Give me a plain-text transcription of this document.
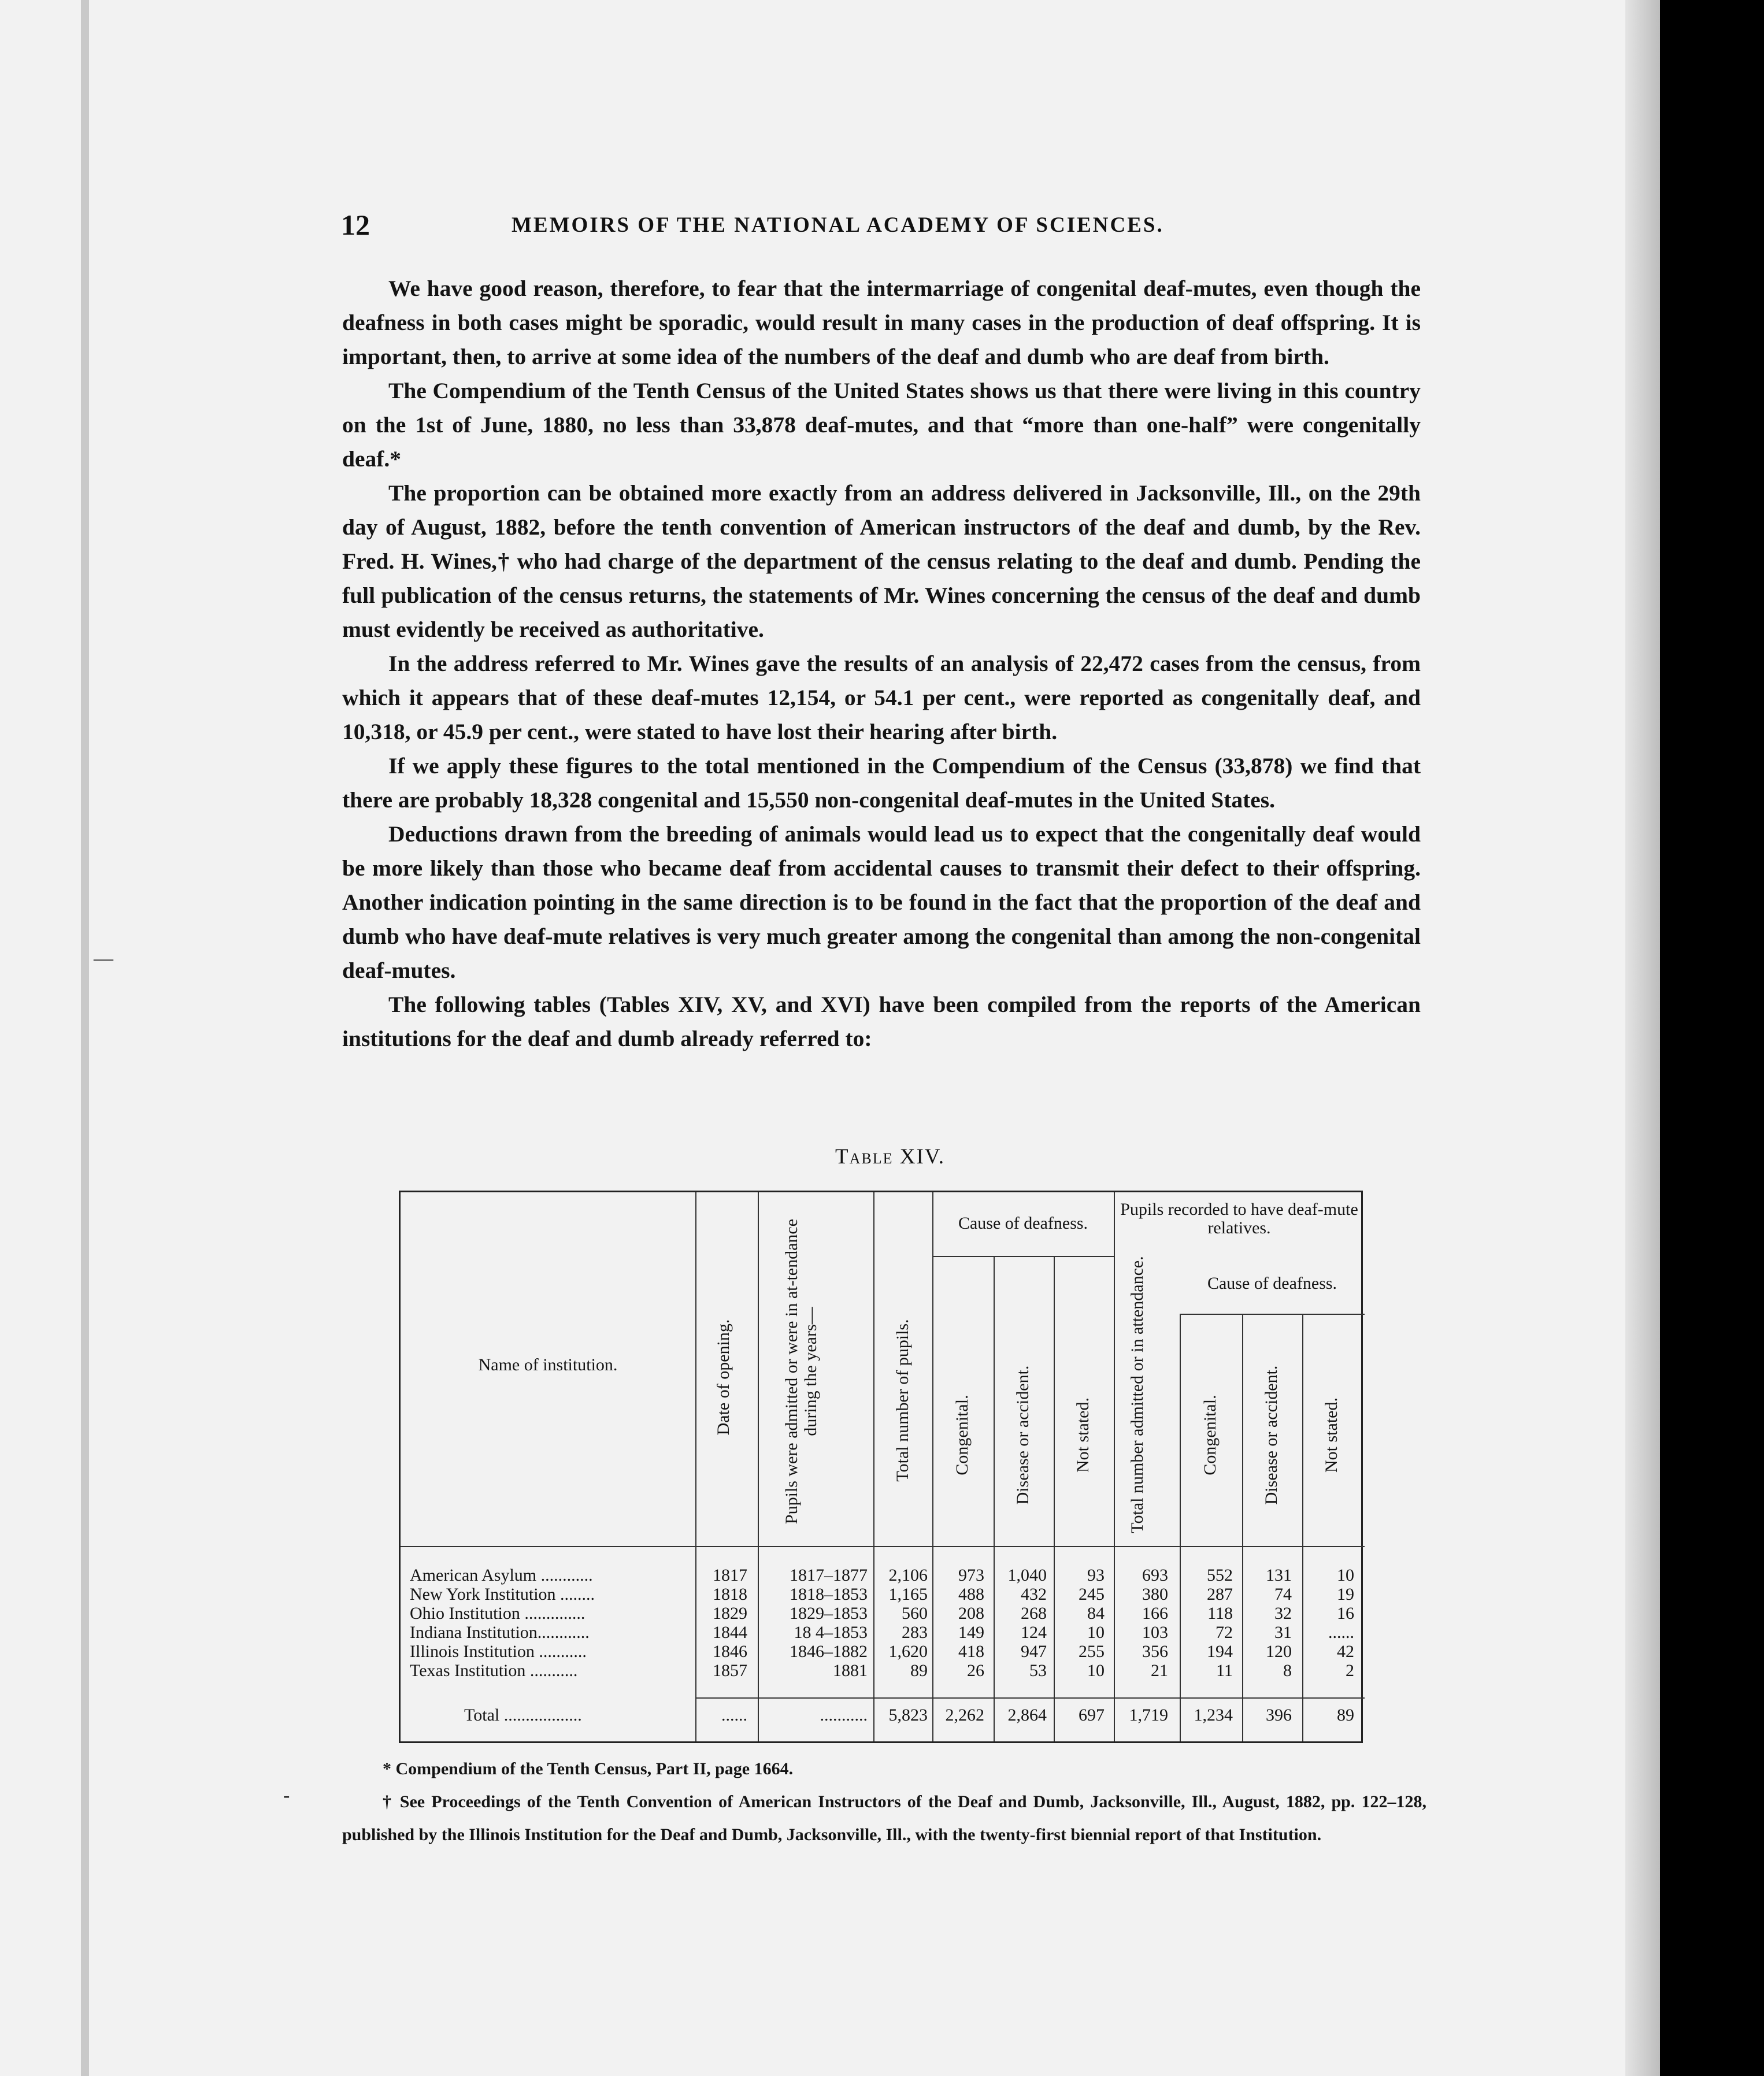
12	MEMOIRS OF THE NATIONAL ACADEMY OF SCIENCES.

We have good reason, therefore, to fear that the intermarriage of congenital deaf-mutes, even though the deafness in both cases might be sporadic, would result in many cases in the production of deaf offspring. It is important, then, to arrive at some idea of the numbers of the deaf and dumb who are deaf from birth.

The Compendium of the Tenth Census of the United States shows us that there were living in this country on the 1st of June, 1880, no less than 33,878 deaf-mutes, and that “more than one-half” were congenitally deaf.*

The proportion can be obtained more exactly from an address delivered in Jacksonville, Ill., on the 29th day of August, 1882, before the tenth convention of American instructors of the deaf and dumb, by the Rev. Fred. H. Wines,† who had charge of the department of the census relating to the deaf and dumb. Pending the full publication of the census returns, the statements of Mr. Wines concerning the census of the deaf and dumb must evidently be received as authoritative.

In the address referred to Mr. Wines gave the results of an analysis of 22,472 cases from the census, from which it appears that of these deaf-mutes 12,154, or 54.1 per cent., were reported as congenitally deaf, and 10,318, or 45.9 per cent., were stated to have lost their hearing after birth.

If we apply these figures to the total mentioned in the Compendium of the Census (33,878) we find that there are probably 18,328 congenital and 15,550 non-congenital deaf-mutes in the United States.

Deductions drawn from the breeding of animals would lead us to expect that the congenitally deaf would be more likely than those who became deaf from accidental causes to transmit their defect to their offspring. Another indication pointing in the same direction is to be found in the fact that the proportion of the deaf and dumb who have deaf-mute relatives is very much greater among the congenital than among the non-congenital deaf-mutes.

The following tables (Tables XIV, XV, and XVI) have been compiled from the reports of the American institutions for the deaf and dumb already referred to:

Table XIV.
Name of institution.	Date of opening.	Pupils were admitted or were in at-tendance during the years—	Total number of pupils.
Cause of deafness.
Congenital. Disease or accident. Not stated.
Pupils recorded to have deaf-mute relatives.
Total number admitted or in attendance.	Cause of deafness.
Congenital. Disease or accident. Not stated.
American Asylum ............	1817	1817–1877	2,106	973	1,040	93	693	552	131	10
New York Institution ........	1818	1818–1853	1,165	488	432	245	380	287	74	19
Ohio Institution ..............	1829	1829–1853	560	208	268	84	166	118	32	16
Indiana Institution............	1844	18 4–1853	283	149	124	10	103	72	31	......
Illinois Institution ...........	1846	1846–1882	1,620	418	947	255	356	194	120	42
Texas Institution ...........	1857	1881	89	26	53	10	21	11	8	2
Total ..................	......	...........	5,823	2,262	2,864	697	1,719	1,234	396	89

* Compendium of the Tenth Census, Part II, page 1664.

† See Proceedings of the Tenth Convention of American Instructors of the Deaf and Dumb, Jacksonville, Ill., August, 1882, pp. 122–128, published by the Illinois Institution for the Deaf and Dumb, Jacksonville, Ill., with the twenty-first biennial report of that Institution.

—
-
